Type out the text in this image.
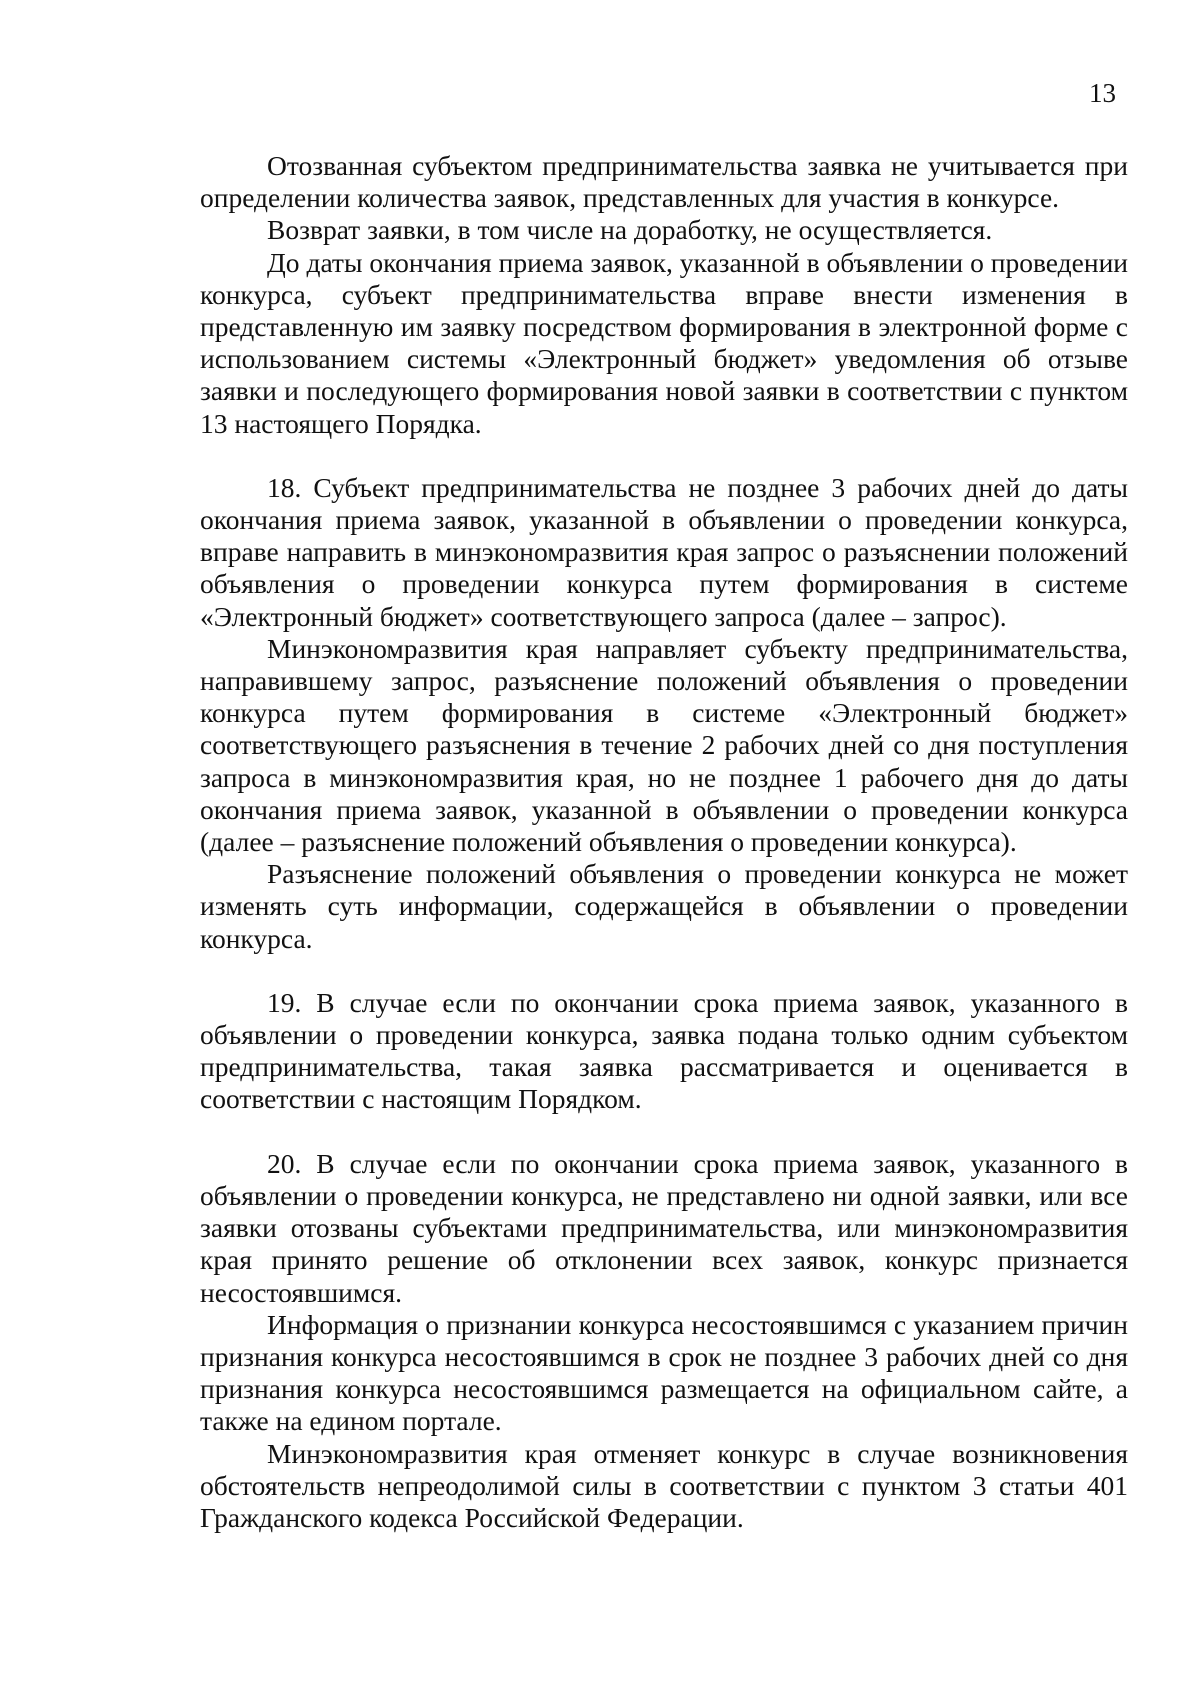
13

Отозванная субъектом предпринимательства заявка не учитывается при определении количества заявок, представленных для участия в конкурсе.

Возврат заявки, в том числе на доработку, не осуществляется.

До даты окончания приема заявок, указанной в объявлении о проведении конкурса, субъект предпринимательства вправе внести изменения в представленную им заявку посредством формирования в электронной форме с использованием системы «Электронный бюджет» уведомления об отзыве заявки и последующего формирования новой заявки в соответствии с пунктом 13 настоящего Порядка.

18. Субъект предпринимательства не позднее 3 рабочих дней до даты окончания приема заявок, указанной в объявлении о проведении конкурса, вправе направить в минэкономразвития края запрос о разъяснении положений объявления о проведении конкурса путем формирования в системе «Электронный бюджет» соответствующего запроса (далее – запрос).

Минэкономразвития края направляет субъекту предпринимательства, направившему запрос, разъяснение положений объявления о проведении конкурса путем формирования в системе «Электронный бюджет» соответствующего разъяснения в течение 2 рабочих дней со дня поступления запроса в минэкономразвития края, но не позднее 1 рабочего дня до даты окончания приема заявок, указанной в объявлении о проведении конкурса (далее – разъяснение положений объявления о проведении конкурса).

Разъяснение положений объявления о проведении конкурса не может изменять суть информации, содержащейся в объявлении о проведении конкурса.

19. В случае если по окончании срока приема заявок, указанного в объявлении о проведении конкурса, заявка подана только одним субъектом предпринимательства, такая заявка рассматривается и оценивается в соответствии с настоящим Порядком.

20. В случае если по окончании срока приема заявок, указанного в объявлении о проведении конкурса, не представлено ни одной заявки, или все заявки отозваны субъектами предпринимательства, или минэкономразвития края принято решение об отклонении всех заявок, конкурс признается несостоявшимся.

Информация о признании конкурса несостоявшимся с указанием причин признания конкурса несостоявшимся в срок не позднее 3 рабочих дней со дня признания конкурса несостоявшимся размещается на официальном сайте, а также на едином портале.

Минэкономразвития края отменяет конкурс в случае возникновения обстоятельств непреодолимой силы в соответствии с пунктом 3 статьи 401 Гражданского кодекса Российской Федерации.
